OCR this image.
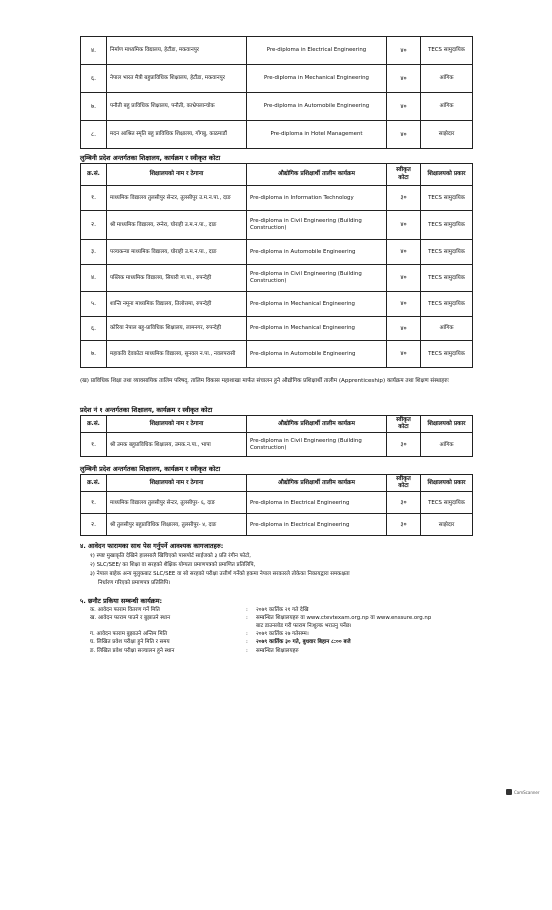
४.	निर्माण माध्यमिक विद्यालय, हेटौंडा, मकवानपुर	Pre-diploma in Electrical Engineering	४०	TECS सामुदायिक
६.	नेपाल भारत मैत्री बहुप्राविधिक शिक्षालय, हेटौंडा, मकवानपुर	Pre-diploma in Mechanical Engineering	४०	आंगिक
७.	पनौती बहु प्राविधिक शिक्षालय, पनौती, काभ्रेपलान्चोक	Pre-diploma in Automobile Engineering	४०	आंगिक
८.	मदन आश्रित स्मृति बहु प्राविधिक शिक्षालय, गोंगबु, काठमाडौं	Pre-diploma in Hotel Management	४०	साझेदार
लुम्बिनी प्रदेश अन्तर्गतका शिक्षालय, कार्यक्रम र स्वीकृत कोटा
क्र.सं.	शिक्षालयको नाम र ठेगाना	औद्योगिक प्रशिक्षार्थी तालीम कार्यक्रम	स्वीकृत कोटा	शिक्षालयको प्रकार
१.	माध्यमिक विद्यालय तुलसीपुर सेन्टर, तुलसीपुर उ.म.न.पा., दाङ	Pre-diploma in Information Technology	३०	TECS सामुदायिक
२.	श्री माध्यमिक विद्यालय, रम्नेरा, घोराही उ.म.न.पा., दाङ	Pre-diploma in Civil Engineering (Building Construction)	४०	TECS सामुदायिक
३.	पञ्चकन्या माध्यमिक विद्यालय, घोराही उ.म.न.पा., दाङ	Pre-diploma in Automobile Engineering	४०	TECS सामुदायिक
४.	पब्लिक माध्यमिक विद्यालय, सियारी गा.पा., रुपन्देही	Pre-diploma in Civil Engineering (Building Construction)	४०	TECS सामुदायिक
५.	शान्ति नमूना माध्यमिक विद्यालय, तिलोत्तमा, रुपन्देही	Pre-diploma in Mechanical Engineering	४०	TECS सामुदायिक
६.	कोरिया नेपाल बहु-प्राविधिक शिक्षालय, लामनगर, रुपन्देही	Pre-diploma in Mechanical Engineering	४०	आंगिक
७.	महाकवि देवकोटा माध्यमिक विद्यालय, सुनवल न.पा., नवलपरासी	Pre-diploma in Automobile Engineering	४०	TECS सामुदायिक
(ख) प्राविधिक शिक्षा तथा व्यावसायिक तालिम परिषद्, तालिम विकास महाशाखा मार्फत संचालन हुने औद्योगिक प्रशिक्षार्थी तालीम (Apprenticeship) कार्यक्रम तथा शिक्षण संस्थाहरुः
प्रदेश नं १ अन्तर्गतका शिक्षालय, कार्यक्रम र स्वीकृत कोटा
क्र.सं.	शिक्षालयको नाम र ठेगाना	औद्योगिक प्रशिक्षार्थी तालीम कार्यक्रम	स्वीकृत कोटा	शिक्षालयको प्रकार
१.	श्री उमक बहुप्राविधिक शिक्षालय, उमक.न.पा., भापा	Pre-diploma in Civil Engineering (Building Construction)	३०	आंगिक
लुम्बिनी प्रदेश अन्तर्गतका शिक्षालय, कार्यक्रम र स्वीकृत कोटा
क्र.सं.	शिक्षालयको नाम र ठेगाना	औद्योगिक प्रशिक्षार्थी तालीम कार्यक्रम	स्वीकृत कोटा	शिक्षालयको प्रकार
१.	माध्यमिक विद्यालय तुलसीपुर सेन्टर, तुलसीपुर- ६, दाङ	Pre-diploma in Electrical Engineering	३०	TECS सामुदायिक
२.	श्री तुलसीपुर बहुप्राविधिक शिक्षालय, तुलसीपुर- ४, दाङ	Pre-diploma in Electrical Engineering	३०	साझेदार
४. आवेदन फारामका साथ पेस गर्नुपर्ने आवश्यक कागजातहरु:
१) स्पष्ट मुखाकृति देखिने हालसालै खिचिएको पासपोर्ट साईजको ३ प्रति रंगीन फोटो,
२) SLC/SEE/ का शिक्षा वा सरहको शैक्षिक योग्यता प्रमाणपत्रको प्रमाणित प्रतिलिपि,
३) नेपाल बाहेक अन्य मुलुकबाट SLC/SEE वा सो सरहको परीक्षा उत्तीर्ण गर्नेको हकमा नेपाल सरकारले तोकेका निकायद्वारा समकक्षता
निर्धारण गरिएको प्रमाणपत्र प्रतिलिपि।
५. छनौट प्रकिया सम्बन्धी कार्यक्रम:
क. आवेदन फाराम वितरण गर्ने मिति	:	२०७९ कार्तिक २१ गते देखि
ख. आवेदन फाराम पाउने र बुझाउने स्थान	:	सम्बन्धित शिक्षालयहरु वा www.ctevtexam.org.np वा www.enssure.org.np
बाट डाउनलोड गरी फाराम निःशुल्क भराउनु पर्नेछ।
ग. आवेदन फाराम बुझाउने अन्तिम मिति	:	२०७९ कार्तिक २७ गतेसम्म।
घ. लिखित प्रवेश परीक्षा हुने मिति र समय	:	२०७९ कार्तिक ३० गते, बुधवार बिहान ८:०० बजे
ङ. लिखित प्रवेश परीक्षा सञ्चालन हुने स्थान	:	सम्बन्धित शिक्षालयहरु
CamScanner
